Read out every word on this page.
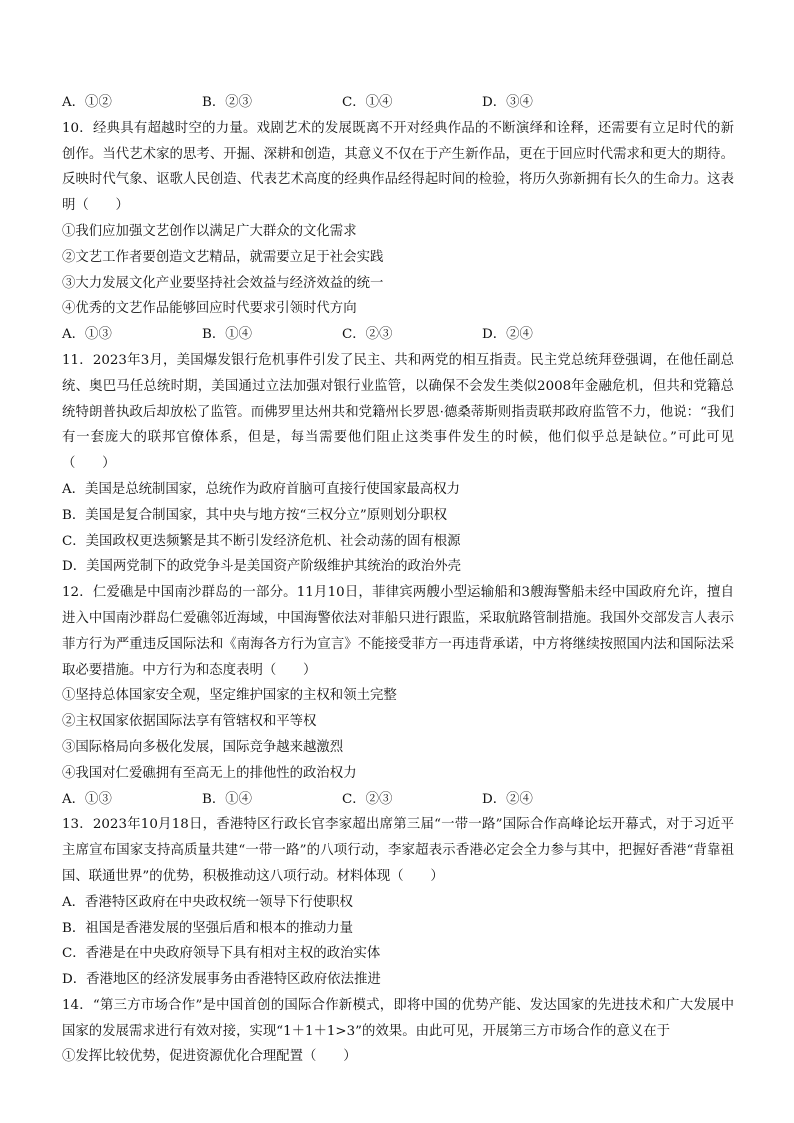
A．①②	B．②③	C．①④	D．③④
10．经典具有超越时空的力量。戏剧艺术的发展既离不开对经典作品的不断演绎和诠释，还需要有立足时代的新创作。当代艺术家的思考、开掘、深耕和创造，其意义不仅在于产生新作品，更在于回应时代需求和更大的期待。反映时代气象、讴歌人民创造、代表艺术高度的经典作品经得起时间的检验，将历久弥新拥有长久的生命力。这表明（　　）
①我们应加强文艺创作以满足广大群众的文化需求
②文艺工作者要创造文艺精品，就需要立足于社会实践
③大力发展文化产业要坚持社会效益与经济效益的统一
④优秀的文艺作品能够回应时代要求引领时代方向
A．①③	B．①④	C．②③	D．②④
11．2023年3月，美国爆发银行危机事件引发了民主、共和两党的相互指责。民主党总统拜登强调，在他任副总统、奥巴马任总统时期，美国通过立法加强对银行业监管，以确保不会发生类似2008年金融危机，但共和党籍总统特朗普执政后却放松了监管。而佛罗里达州共和党籍州长罗恩·德桑蒂斯则指责联邦政府监管不力，他说：“我们有一套庞大的联邦官僚体系，但是，每当需要他们阻止这类事件发生的时候，他们似乎总是缺位。”可此可见（　　）
A．美国是总统制国家，总统作为政府首脑可直接行使国家最高权力
B．美国是复合制国家，其中央与地方按“三权分立”原则划分职权
C．美国政权更迭频繁是其不断引发经济危机、社会动荡的固有根源
D．美国两党制下的政党争斗是美国资产阶级维护其统治的政治外壳
12．仁爱礁是中国南沙群岛的一部分。11月10日，菲律宾两艘小型运输船和3艘海警船未经中国政府允许，擅自进入中国南沙群岛仁爱礁邻近海域，中国海警依法对菲船只进行跟监，采取航路管制措施。我国外交部发言人表示菲方行为严重违反国际法和《南海各方行为宣言》不能接受菲方一再违背承诺，中方将继续按照国内法和国际法采取必要措施。中方行为和态度表明（　　）
①坚持总体国家安全观，坚定维护国家的主权和领土完整
②主权国家依据国际法享有管辖权和平等权
③国际格局向多极化发展，国际竞争越来越激烈
④我国对仁爱礁拥有至高无上的排他性的政治权力
A．①③	B．①④	C．②③	D．②④
13．2023年10月18日，香港特区行政长官李家超出席第三届“一带一路”国际合作高峰论坛开幕式，对于习近平主席宣布国家支持高质量共建“一带一路”的八项行动，李家超表示香港必定会全力参与其中，把握好香港“背靠祖国、联通世界”的优势，积极推动这八项行动。材料体现（　　）
A．香港特区政府在中央政权统一领导下行使职权
B．祖国是香港发展的坚强后盾和根本的推动力量
C．香港是在中央政府领导下具有相对主权的政治实体
D．香港地区的经济发展事务由香港特区政府依法推进
14．“第三方市场合作”是中国首创的国际合作新模式，即将中国的优势产能、发达国家的先进技术和广大发展中国家的发展需求进行有效对接，实现“1＋1＋1>3”的效果。由此可见，开展第三方市场合作的意义在于
①发挥比较优势，促进资源优化合理配置（　　）
